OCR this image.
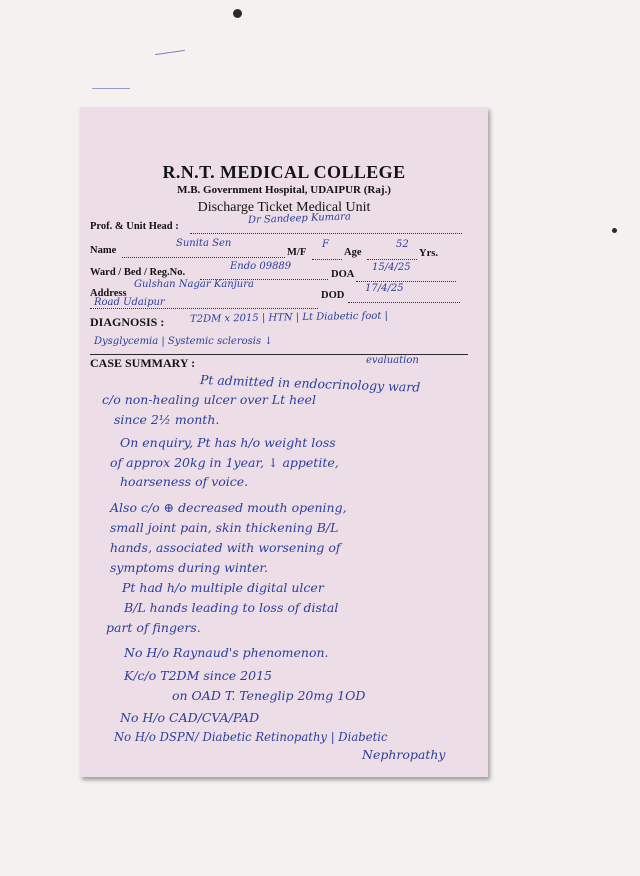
R.N.T. MEDICAL COLLEGE
M.B. Government Hospital, UDAIPUR (Raj.)
Discharge Ticket Medical Unit
Prof. & Unit Head :
Dr Sandeep Kumara
Name
Sunita Sen
M/F
F
Age
52
Yrs.
Ward / Bed / Reg.No.
Endo 09889
DOA
15/4/25
Address
Gulshan Nagar Kanjura
Road Udaipur
DOD
17/4/25
DIAGNOSIS :	T2DM x 2015 | HTN | Lt Diabetic foot |
Dysglycemia | Systemic sclerosis ↓
CASE SUMMARY :	evaluation
Pt admitted in endocrinology ward
c/o non-healing ulcer over Lt heel
since 2½ month.
On enquiry, Pt has h/o weight loss
of approx 20kg in 1year, ↓ appetite,
hoarseness of voice.
Also c/o ⊕ decreased mouth opening,
small joint pain, skin thickening B/L
hands, associated with worsening of
symptoms during winter.
Pt had h/o multiple digital ulcer
B/L hands leading to loss of distal
part of fingers.
No H/o Raynaud's phenomenon.
K/c/o T2DM since 2015
on OAD T. Teneglip 20mg 1OD
No H/o CAD/CVA/PAD
No H/o DSPN/ Diabetic Retinopathy | Diabetic
Nephropathy
